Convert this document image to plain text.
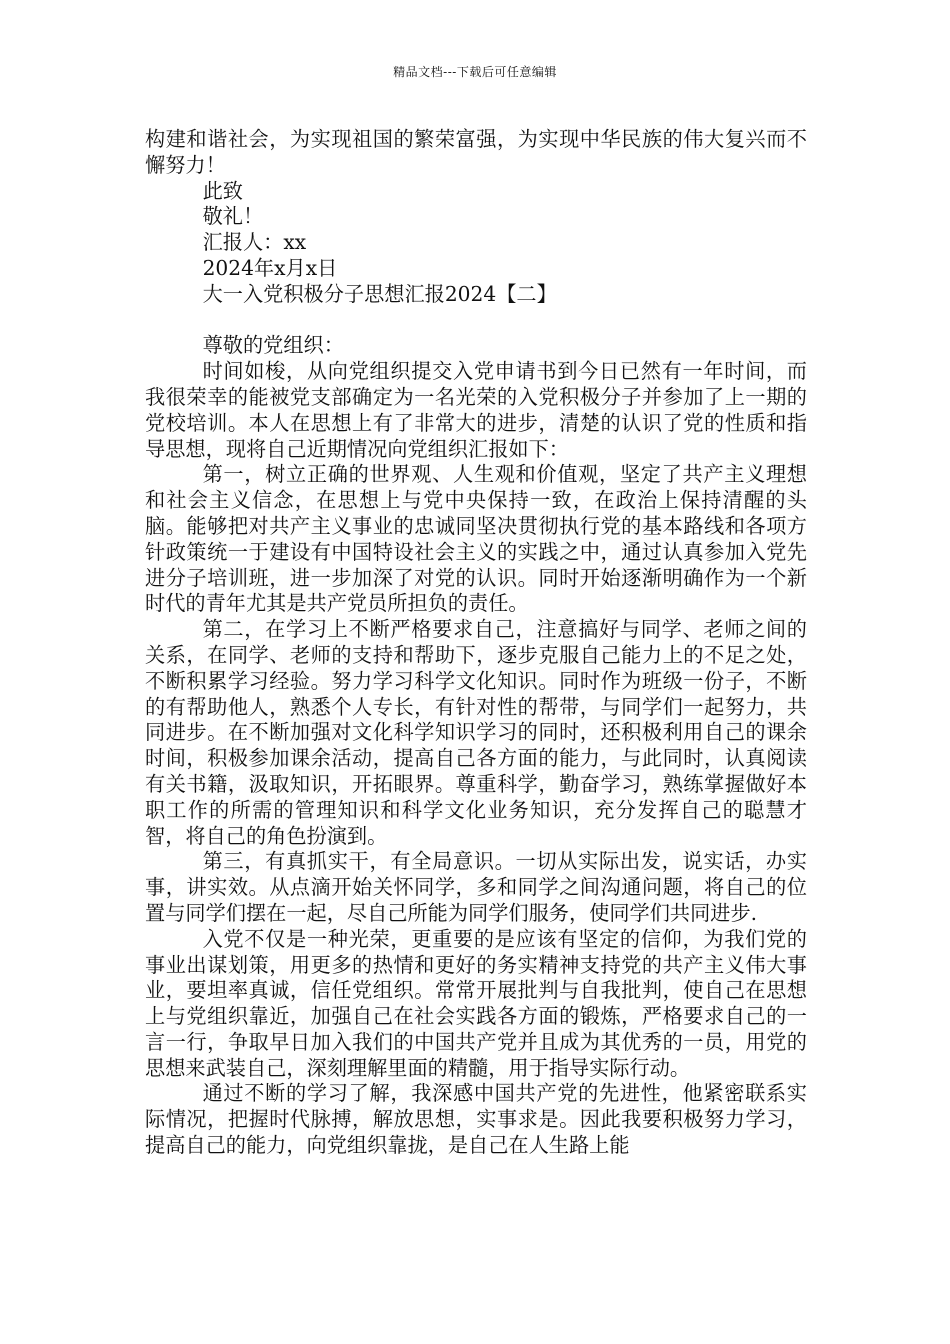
精品文档---下载后可任意编辑

构建和谐社会，为实现祖国的繁荣富强，为实现中华民族的伟大复兴而不懈努力！

此致

敬礼！

汇报人：xx

2024年x月x日

大一入党积极分子思想汇报2024【二】

尊敬的党组织：

时间如梭，从向党组织提交入党申请书到今日已然有一年时间，而我很荣幸的能被党支部确定为一名光荣的入党积极分子并参加了上一期的党校培训。本人在思想上有了非常大的进步，清楚的认识了党的性质和指导思想，现将自己近期情况向党组织汇报如下：

第一，树立正确的世界观、人生观和价值观，坚定了共产主义理想和社会主义信念，在思想上与党中央保持一致，在政治上保持清醒的头脑。能够把对共产主义事业的忠诚同坚决贯彻执行党的基本路线和各项方针政策统一于建设有中国特设社会主义的实践之中，通过认真参加入党先进分子培训班，进一步加深了对党的认识。同时开始逐渐明确作为一个新时代的青年尤其是共产党员所担负的责任。

第二，在学习上不断严格要求自己，注意搞好与同学、老师之间的关系，在同学、老师的支持和帮助下，逐步克服自己能力上的不足之处，不断积累学习经验。努力学习科学文化知识。同时作为班级一份子，不断的有帮助他人，熟悉个人专长，有针对性的帮带，与同学们一起努力，共同进步。在不断加强对文化科学知识学习的同时，还积极利用自己的课余时间，积极参加课余活动，提高自己各方面的能力，与此同时，认真阅读有关书籍，汲取知识，开拓眼界。尊重科学，勤奋学习，熟练掌握做好本职工作的所需的管理知识和科学文化业务知识，充分发挥自己的聪慧才智，将自己的角色扮演到。

第三，有真抓实干，有全局意识。一切从实际出发，说实话，办实事，讲实效。从点滴开始关怀同学，多和同学之间沟通问题，将自己的位置与同学们摆在一起，尽自己所能为同学们服务，使同学们共同进步.

入党不仅是一种光荣，更重要的是应该有坚定的信仰，为我们党的事业出谋划策，用更多的热情和更好的务实精神支持党的共产主义伟大事业，要坦率真诚，信任党组织。常常开展批判与自我批判，使自己在思想上与党组织靠近，加强自己在社会实践各方面的锻炼，严格要求自己的一言一行，争取早日加入我们的中国共产党并且成为其优秀的一员，用党的思想来武装自己，深刻理解里面的精髓，用于指导实际行动。

通过不断的学习了解，我深感中国共产党的先进性，他紧密联系实际情况，把握时代脉搏，解放思想，实事求是。因此我要积极努力学习，提高自己的能力，向党组织靠拢，是自己在人生路上能
